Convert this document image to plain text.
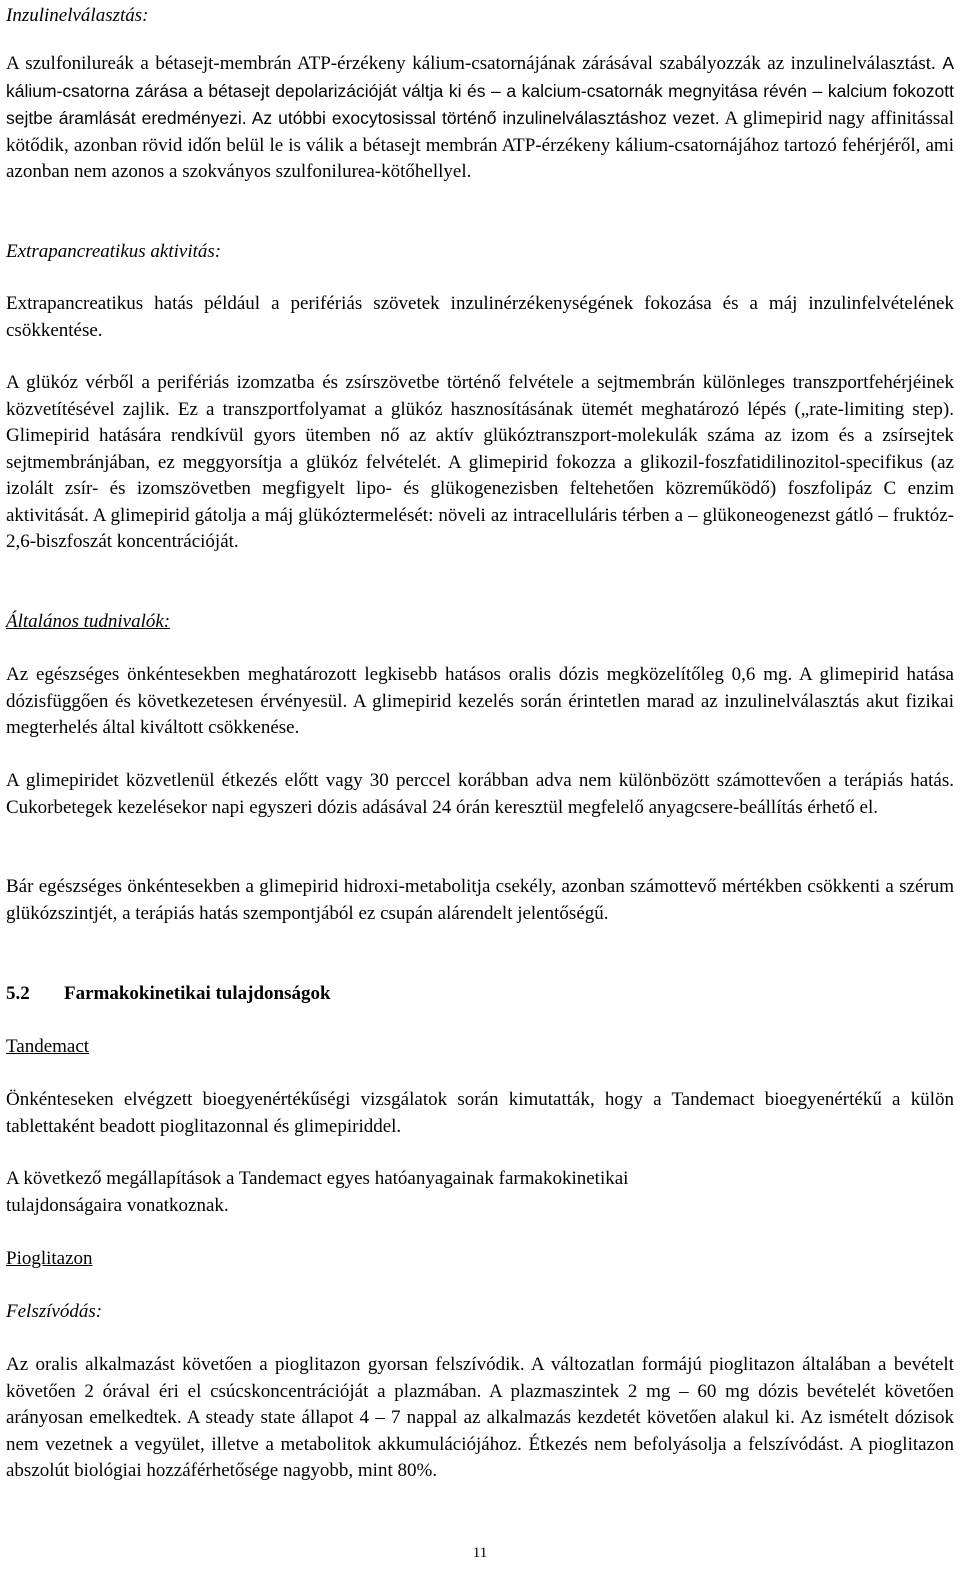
Inzulinelválasztás:

A szulfonilureák a bétasejt-membrán ATP-érzékeny kálium-csatornájának zárásával szabályozzák az inzulinelválasztást. A kálium-csatorna zárása a bétasejt depolarizációját váltja ki és – a kalcium-csatornák megnyitása révén – kalcium fokozott sejtbe áramlását eredményezi. Az utóbbi exocytosissal történő inzulinelválasztáshoz vezet. A glimepirid nagy affinitással kötődik, azonban rövid időn belül le is válik a bétasejt membrán ATP-érzékeny kálium-csatornájához tartozó fehérjéről, ami azonban nem azonos a szokványos szulfonilurea-kötőhellyel.

Extrapancreatikus aktivitás:

Extrapancreatikus hatás például a perifériás szövetek inzulinérzékenységének fokozása és a máj inzulinfelvételének csökkentése.

A glükóz vérből a perifériás izomzatba és zsírszövetbe történő felvétele a sejtmembrán különleges transzportfehérjéinek közvetítésével zajlik. Ez a transzportfolyamat a glükóz hasznosításának ütemét meghatározó lépés („rate-limiting step). Glimepirid hatására rendkívül gyors ütemben nő az aktív glükóztranszport-molekulák száma az izom és a zsírsejtek sejtmembránjában, ez meggyorsítja a glükóz felvételét. A glimepirid fokozza a glikozil-foszfatidilinozitol-specifikus (az izolált zsír- és izomszövetben megfigyelt lipo- és glükogenezisben feltehetően közreműködő) foszfolipáz C enzim aktivitását. A glimepirid gátolja a máj glükóztermelését: növeli az intracelluláris térben a – glükoneogenezst gátló – fruktóz-2,6-biszfoszát koncentrációját.

Általános tudnivalók:

Az egészséges önkéntesekben meghatározott legkisebb hatásos oralis dózis megközelítőleg 0,6 mg. A glimepirid hatása dózisfüggően és következetesen érvényesül. A glimepirid kezelés során érintetlen marad az inzulinelválasztás akut fizikai megterhelés által kiváltott csökkenése.

A glimepiridet közvetlenül étkezés előtt vagy 30 perccel korábban adva nem különbözött számottevően a terápiás hatás. Cukorbetegek kezelésekor napi egyszeri dózis adásával 24 órán keresztül megfelelő anyagcsere-beállítás érhető el.

Bár egészséges önkéntesekben a glimepirid hidroxi-metabolitja csekély, azonban számottevő mértékben csökkenti a szérum glükózszintjét, a terápiás hatás szempontjából ez csupán alárendelt jelentőségű.

5.2 Farmakokinetikai tulajdonságok

Tandemact

Önkénteseken elvégzett bioegyenértékűségi vizsgálatok során kimutatták, hogy a Tandemact bioegyenértékű a külön tablettaként beadott pioglitazonnal és glimepiriddel.

A következő megállapítások a Tandemact egyes hatóanyagainak farmakokinetikai
tulajdonságaira vonatkoznak.

Pioglitazon

Felszívódás:

Az oralis alkalmazást követően a pioglitazon gyorsan felszívódik. A változatlan formájú pioglitazon általában a bevételt követően 2 órával éri el csúcskoncentrációját a plazmában. A plazmaszintek 2 mg – 60 mg dózis bevételét követően arányosan emelkedtek. A steady state állapot 4 – 7 nappal az alkalmazás kezdetét követően alakul ki. Az ismételt dózisok nem vezetnek a vegyület, illetve a metabolitok akkumulációjához. Étkezés nem befolyásolja a felszívódást. A pioglitazon abszolút biológiai hozzáférhetősége nagyobb, mint 80%.

11
